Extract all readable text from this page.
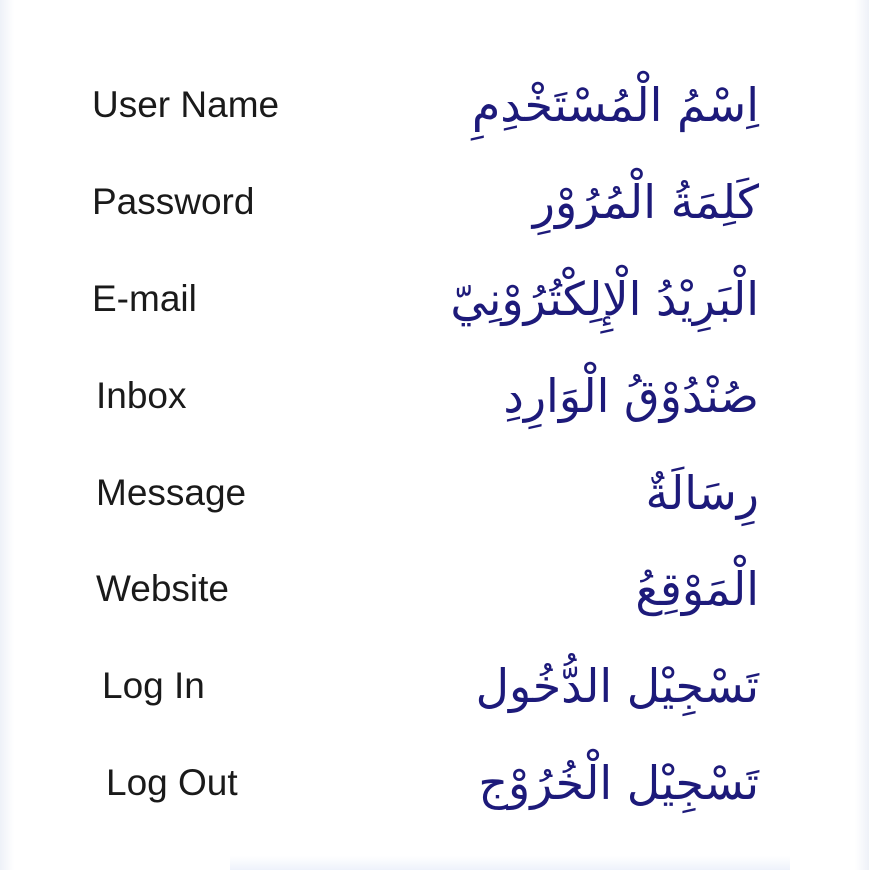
User Name	اِسْمُ الْمُسْتَخْدِمِ
Password	كَلِمَةُ الْمُرُوْرِ
E-mail	الْبَرِيْدُ الْإِلِكْتُرُوْنِيّ
Inbox	صُنْدُوْقُ الْوَارِدِ
Message	رِسَالَةٌ
Website	الْمَوْقِعُ
Log In	تَسْجِيْل الدُّخُول
Log Out	تَسْجِيْل الْخُرُوْج
